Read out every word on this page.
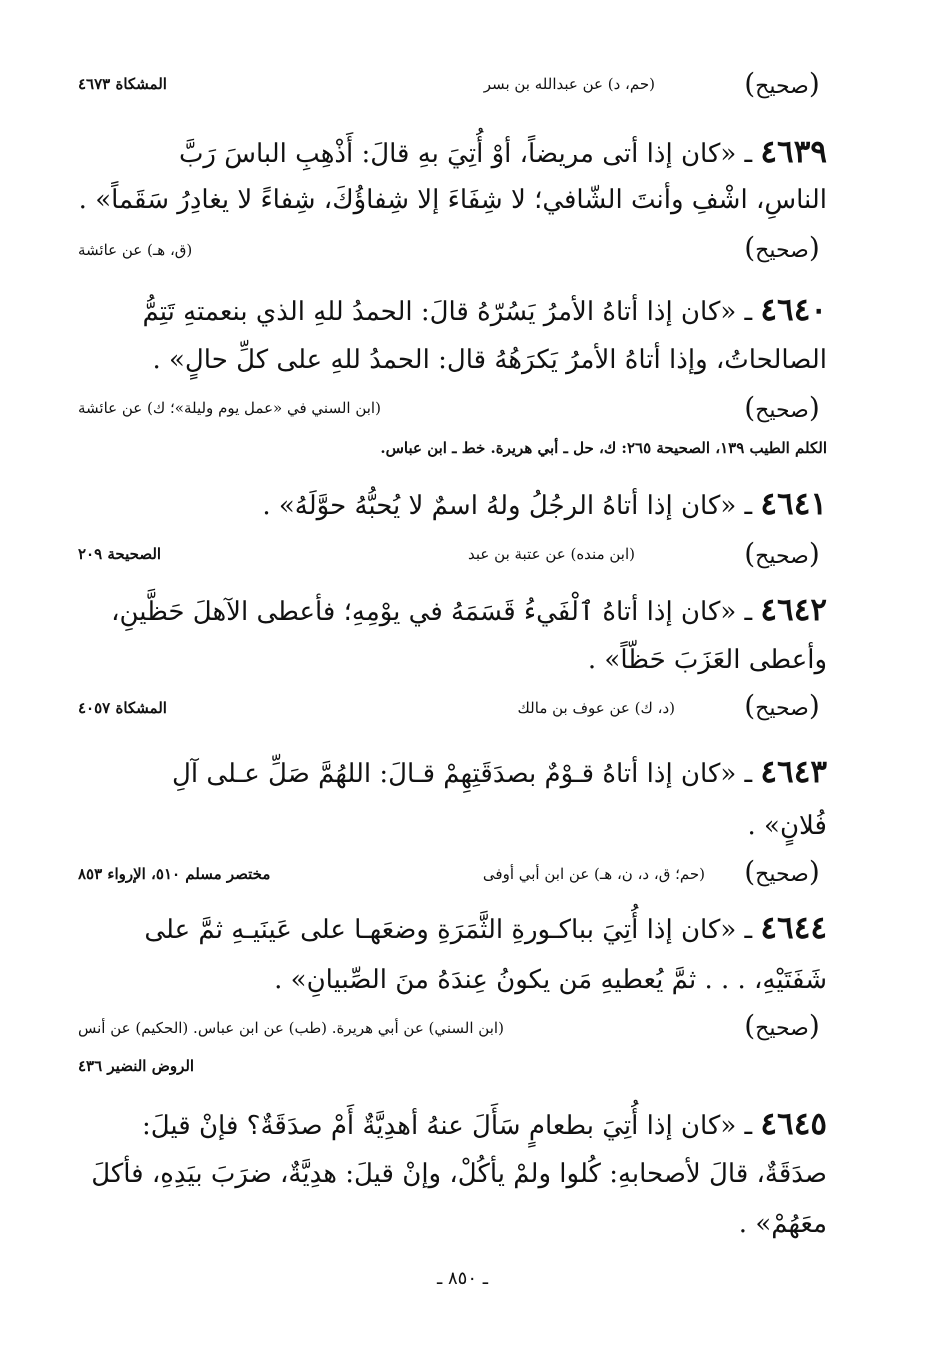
(صحيح)
(حم، د) عن عبدالله بن بسر
المشكاة ٤٦٧٣
٤٦٣٩ ـ «كان إذا أتى مريضاً، أوْ أُتِيَ بهِ قالَ: أَذْهِبِ الباسَ رَبَّ
الناسِ، اشْفِ وأنتَ الشّافي؛ لا شِفَاءَ إلا شِفاؤُكَ، شِفاءً لا يغادِرُ سَقَماً» .
(صحيح)
(ق، هـ) عن عائشة
٤٦٤٠ ـ «كان إذا أتاهُ الأمرُ يَسُرّهُ قالَ: الحمدُ للهِ الذي بنعمتهِ تَتِمُّ
الصالحاتُ، وإذا أتاهُ الأمرُ يَكرَهُهُ قال: الحمدُ للهِ على كلِّ حالٍ» .
(صحيح)
(ابن السني في «عمل يوم وليلة»؛ ك) عن عائشة
الكلم الطيب ١٣٩، الصحيحة ٢٦٥: ك، حل ـ أبي هريرة. خط ـ ابن عباس.
٤٦٤١ ـ «كان إذا أتاهُ الرجُلُ ولهُ اسمٌ لا يُحبُّهُ حوَّلَهُ» .
(صحيح)
(ابن منده) عن عتبة بن عبد
الصحيحة ٢٠٩
٤٦٤٢ ـ «كان إذا أتاهُ ٱلْفَيءُ قَسَمَهُ في يوْمِهِ؛ فأعطى الآهلَ حَظَّينِ،
وأعطى العَزَبَ حَظّاً» .
(صحيح)
(د، ك) عن عوف بن مالك
المشكاة ٤٠٥٧
٤٦٤٣ ـ «كان إذا أتاهُ قـوْمٌ بصدَقَتِهِمْ قـالَ: اللهُمَّ صَلِّ عـلى آلِ
فُلانٍ» .
(صحيح)
(حم؛ ق، د، ن، هـ) عن ابن أبي أوفى
مختصر مسلم ٥١٠، الإرواء ٨٥٣
٤٦٤٤ ـ «كان إذا أُتِيَ بباكـورةِ الثَّمَرَةِ وضعَهـا على عَينَيـهِ ثمَّ على
شَفَتَيْهِ، . . . ثمَّ يُعطيهِ مَن يكونُ عِندَهُ منَ الصِّبيانِ» .
(صحيح)
(ابن السني) عن أبي هريرة. (طب) عن ابن عباس. (الحكيم) عن أنس
الروض النضير ٤٣٦
٤٦٤٥ ـ «كان إذا أُتِيَ بطعامٍ سَأَلَ عنهُ أهدِيَّةٌ أَمْ صدَقَةٌ؟ فإنْ قيلَ:
صدَقَةٌ، قالَ لأصحابهِ: كُلوا ولمْ يأكُلْ، وإنْ قيلَ: هدِيَّةٌ، ضرَبَ بيَدِهِ، فأكلَ
معَهُمْ» .
ـ ٨٥٠ ـ
